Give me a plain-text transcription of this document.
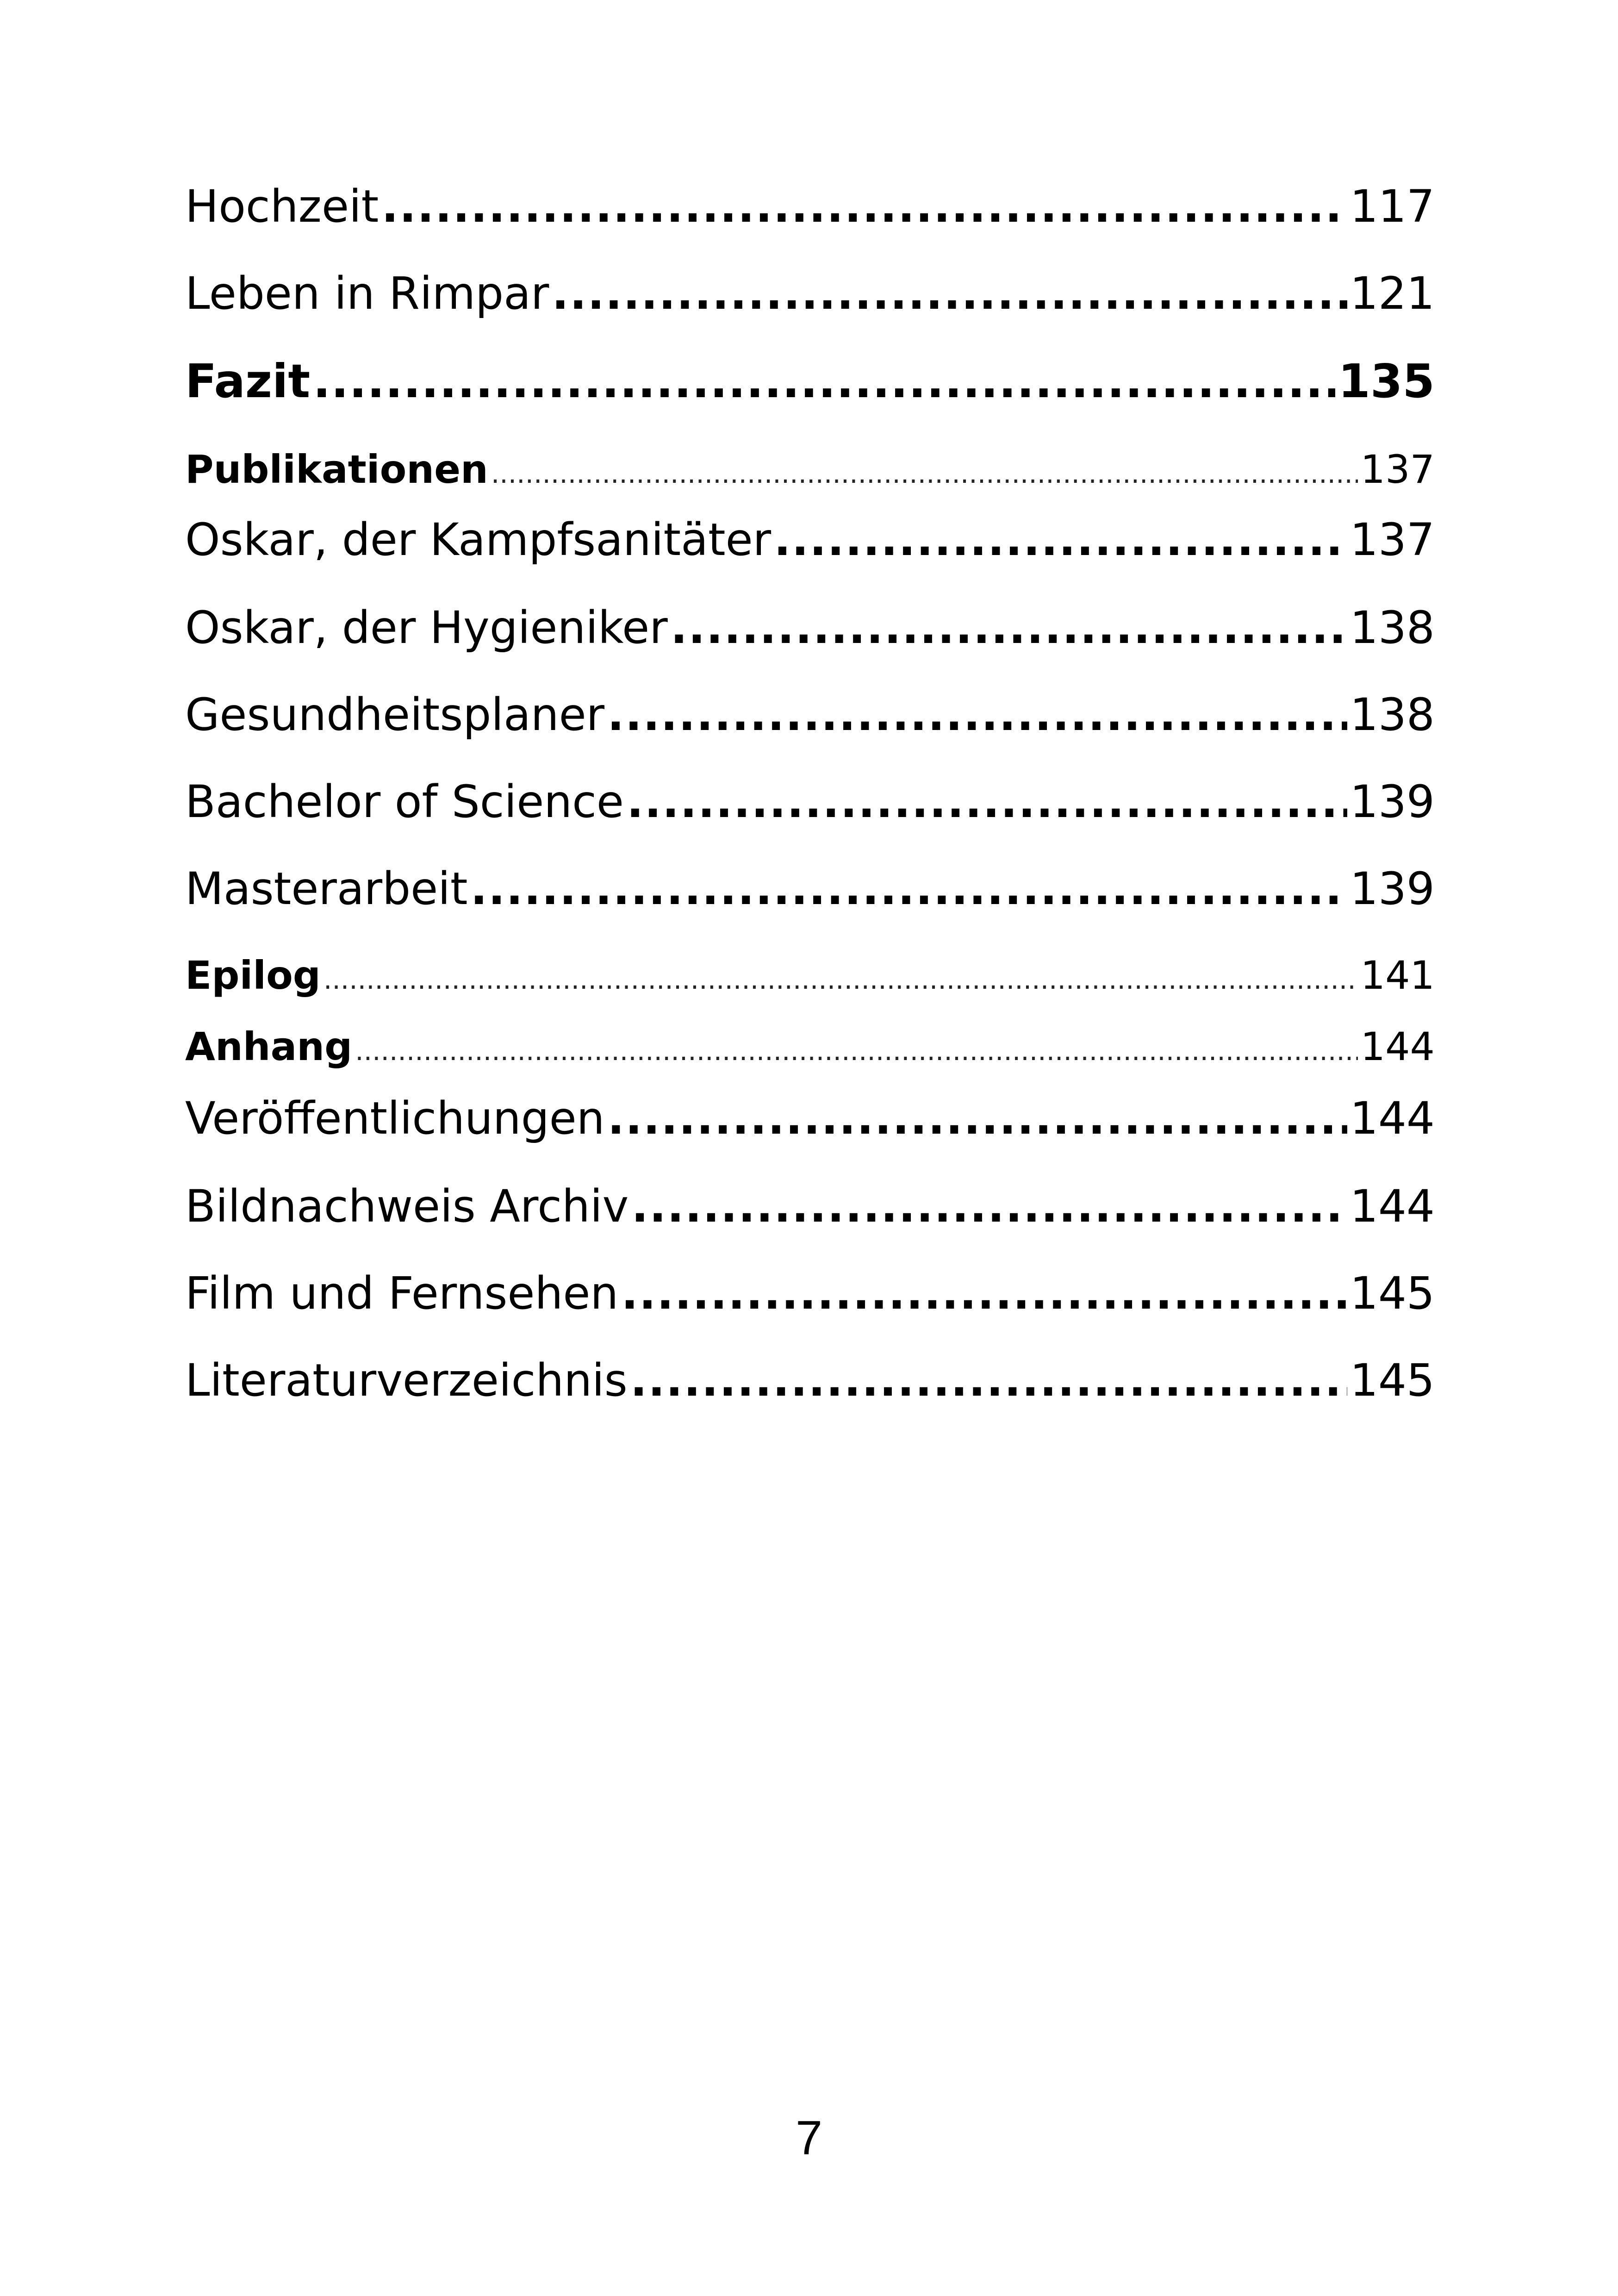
Hochzeit .....	117
Leben in Rimpar .....	121
Fazit .....	135
Publikationen .....	137
Oskar, der Kampfsanitäter .....	137
Oskar, der Hygieniker .....	138
Gesundheitsplaner .....	138
Bachelor of Science .....	139
Masterarbeit .....	139
Epilog .....	141
Anhang .....	144
Veröffentlichungen .....	144
Bildnachweis Archiv .....	144
Film und Fernsehen .....	145
Literaturverzeichnis .....	145
7
